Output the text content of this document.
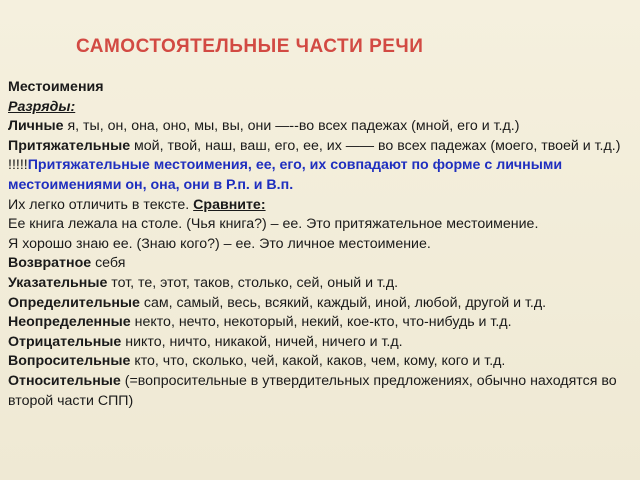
САМОСТОЯТЕЛЬНЫЕ ЧАСТИ РЕЧИ

Местоимения

Разряды:

Личные я, ты, он, она, оно, мы, вы, они —--во всех падежах (мной, его и т.д.)

Притяжательные мой, твой, наш, ваш, его, ее, их —— во всех падежах (моего, твоей и т.д.)

!!!!!Притяжательные местоимения, ее, его, их совпадают по форме с личными местоимениями он, она, они в Р.п. и В.п.

Их легко отличить в тексте. Сравните:

Ее книга лежала на столе. (Чья книга?) – ее. Это притяжательное местоимение.

Я хорошо знаю ее. (Знаю кого?) – ее. Это личное местоимение.

Возвратное себя

Указательные тот, те, этот, таков, столько, сей, оный и т.д.

Определительные сам, самый, весь, всякий, каждый, иной, любой, другой и т.д.

Неопределенные некто, нечто, некоторый, некий, кое-кто, что-нибудь и т.д.

Отрицательные никто, ничто, никакой, ничей, ничего и т.д.

Вопросительные кто, что, сколько, чей, какой, каков, чем, кому, кого и т.д.

Относительные (=вопросительные в утвердительных предложениях, обычно находятся во второй части СПП)
